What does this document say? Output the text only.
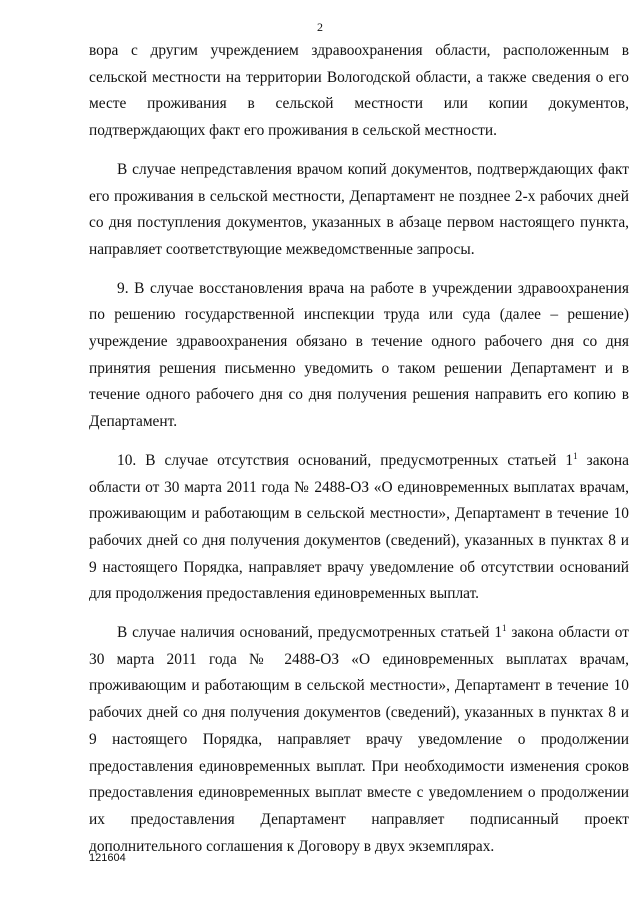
2

вора с другим учреждением здравоохранения области, расположенным в сельской местности на территории Вологодской области, а также сведения о его месте проживания в сельской местности или копии документов, подтверждающих факт его проживания в сельской местности.

В случае непредставления врачом копий документов, подтверждающих факт его проживания в сельской местности, Департамент не позднее 2-х рабочих дней со дня поступления документов, указанных в абзаце первом настоящего пункта, направляет соответствующие межведомственные запросы.

9. В случае восстановления врача на работе в учреждении здравоохранения по решению государственной инспекции труда или суда (далее – решение) учреждение здравоохранения обязано в течение одного рабочего дня со дня принятия решения письменно уведомить о таком решении Департамент и в течение одного рабочего дня со дня получения решения направить его копию в Департамент.

10. В случае отсутствия оснований, предусмотренных статьей $1^1$ закона области от 30 марта 2011 года № 2488-ОЗ «О единовременных выплатах врачам, проживающим и работающим в сельской местности», Департамент в течение 10 рабочих дней со дня получения документов (сведений), указанных в пунктах 8 и 9 настоящего Порядка, направляет врачу уведомление об отсутствии оснований для продолжения предоставления единовременных выплат.

В случае наличия оснований, предусмотренных статьей $1^1$ закона области от 30 марта 2011 года № 2488-ОЗ «О единовременных выплатах врачам, проживающим и работающим в сельской местности», Департамент в течение 10 рабочих дней со дня получения документов (сведений), указанных в пунктах 8 и 9 настоящего Порядка, направляет врачу уведомление о продолжении предоставления единовременных выплат. При необходимости изменения сроков предоставления единовременных выплат вместе с уведомлением о продолжении их предоставления Департамент направляет подписанный проект дополнительного соглашения к Договору в двух экземплярах.

121604
